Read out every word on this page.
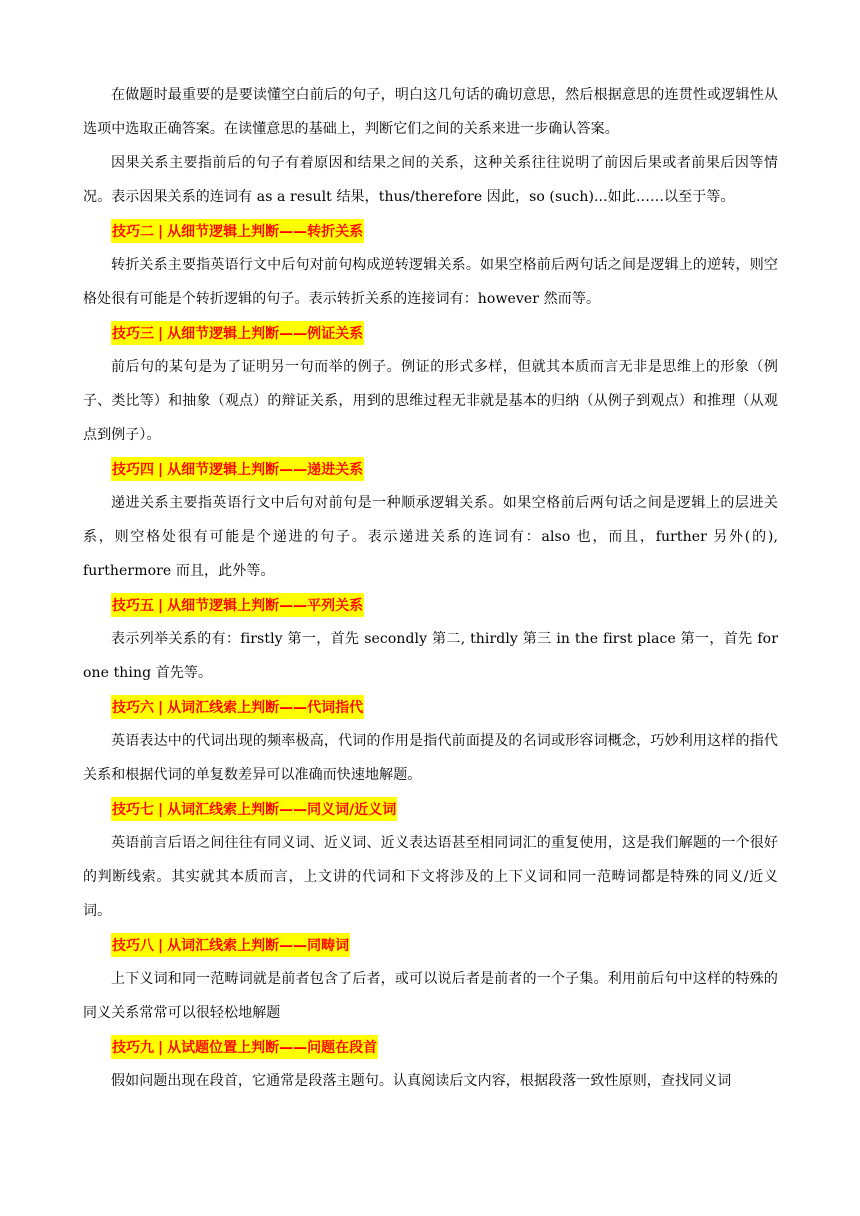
在做题时最重要的是要读懂空白前后的句子，明白这几句话的确切意思，然后根据意思的连贯性或逻辑性从选项中选取正确答案。在读懂意思的基础上，判断它们之间的关系来进一步确认答案。

因果关系主要指前后的句子有着原因和结果之间的关系，这种关系往往说明了前因后果或者前果后因等情况。表示因果关系的连词有 as a result 结果，thus/therefore 因此，so (such)...如此……以至于等。

技巧二 | 从细节逻辑上判断——转折关系

转折关系主要指英语行文中后句对前句构成逆转逻辑关系。如果空格前后两句话之间是逻辑上的逆转，则空格处很有可能是个转折逻辑的句子。表示转折关系的连接词有：however 然而等。

技巧三 | 从细节逻辑上判断——例证关系

前后句的某句是为了证明另一句而举的例子。例证的形式多样，但就其本质而言无非是思维上的形象（例子、类比等）和抽象（观点）的辩证关系，用到的思维过程无非就是基本的归纳（从例子到观点）和推理（从观点到例子）。

技巧四 | 从细节逻辑上判断——递进关系

递进关系主要指英语行文中后句对前句是一种顺承逻辑关系。如果空格前后两句话之间是逻辑上的层进关系，则空格处很有可能是个递进的句子。表示递进关系的连词有：also 也，而且，further 另外(的), furthermore 而且，此外等。

技巧五 | 从细节逻辑上判断——平列关系

表示列举关系的有：firstly 第一，首先 secondly 第二, thirdly 第三 in the first place 第一，首先 for one thing 首先等。

技巧六 | 从词汇线索上判断——代词指代

英语表达中的代词出现的频率极高，代词的作用是指代前面提及的名词或形容词概念，巧妙利用这样的指代关系和根据代词的单复数差异可以准确而快速地解题。

技巧七 | 从词汇线索上判断——同义词/近义词

英语前言后语之间往往有同义词、近义词、近义表达语甚至相同词汇的重复使用，这是我们解题的一个很好的判断线索。其实就其本质而言，上文讲的代词和下文将涉及的上下义词和同一范畴词都是特殊的同义/近义词。

技巧八 | 从词汇线索上判断——同畴词

上下义词和同一范畴词就是前者包含了后者，或可以说后者是前者的一个子集。利用前后句中这样的特殊的同义关系常常可以很轻松地解题

技巧九 | 从试题位置上判断——问题在段首

假如问题出现在段首，它通常是段落主题句。认真阅读后文内容，根据段落一致性原则，查找同义词
